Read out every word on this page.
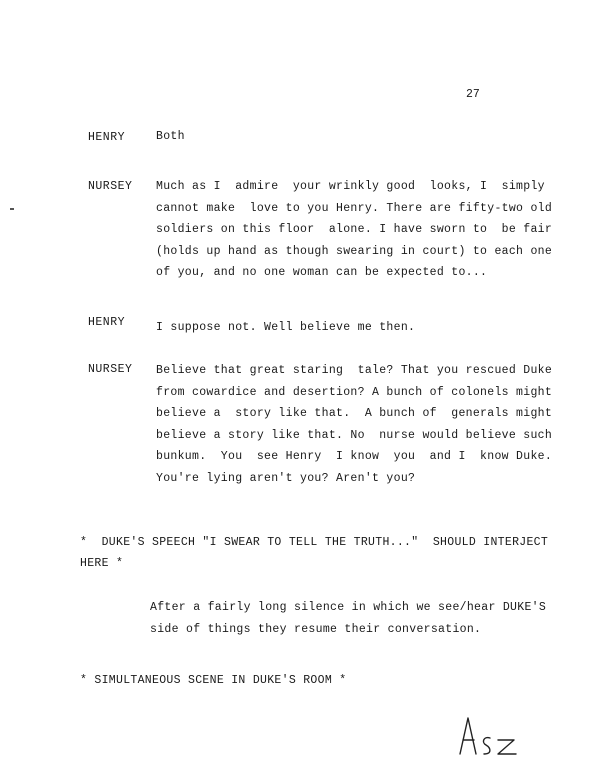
27
HENRY	Both
NURSEY	Much as I  admire  your wrinkly good  looks, I  simply
cannot make  love to you Henry. There are fifty-two old
soldiers on this floor  alone. I have sworn to  be fair
(holds up hand as though swearing in court) to each one
of you, and no one woman can be expected to...
HENRY	I suppose not. Well believe me then.
NURSEY	Believe that great staring  tale? That you rescued Duke
from cowardice and desertion? A bunch of colonels might
believe a  story like that.  A bunch of  generals might
believe a story like that. No  nurse would believe such
bunkum.  You  see Henry  I know  you  and I  know Duke.
You're lying aren't you? Aren't you?
*  DUKE'S SPEECH "I SWEAR TO TELL THE TRUTH..."  SHOULD INTERJECT
HERE *
After a fairly long silence in which we see/hear DUKE'S
side of things they resume their conversation.
* SIMULTANEOUS SCENE IN DUKE'S ROOM *
